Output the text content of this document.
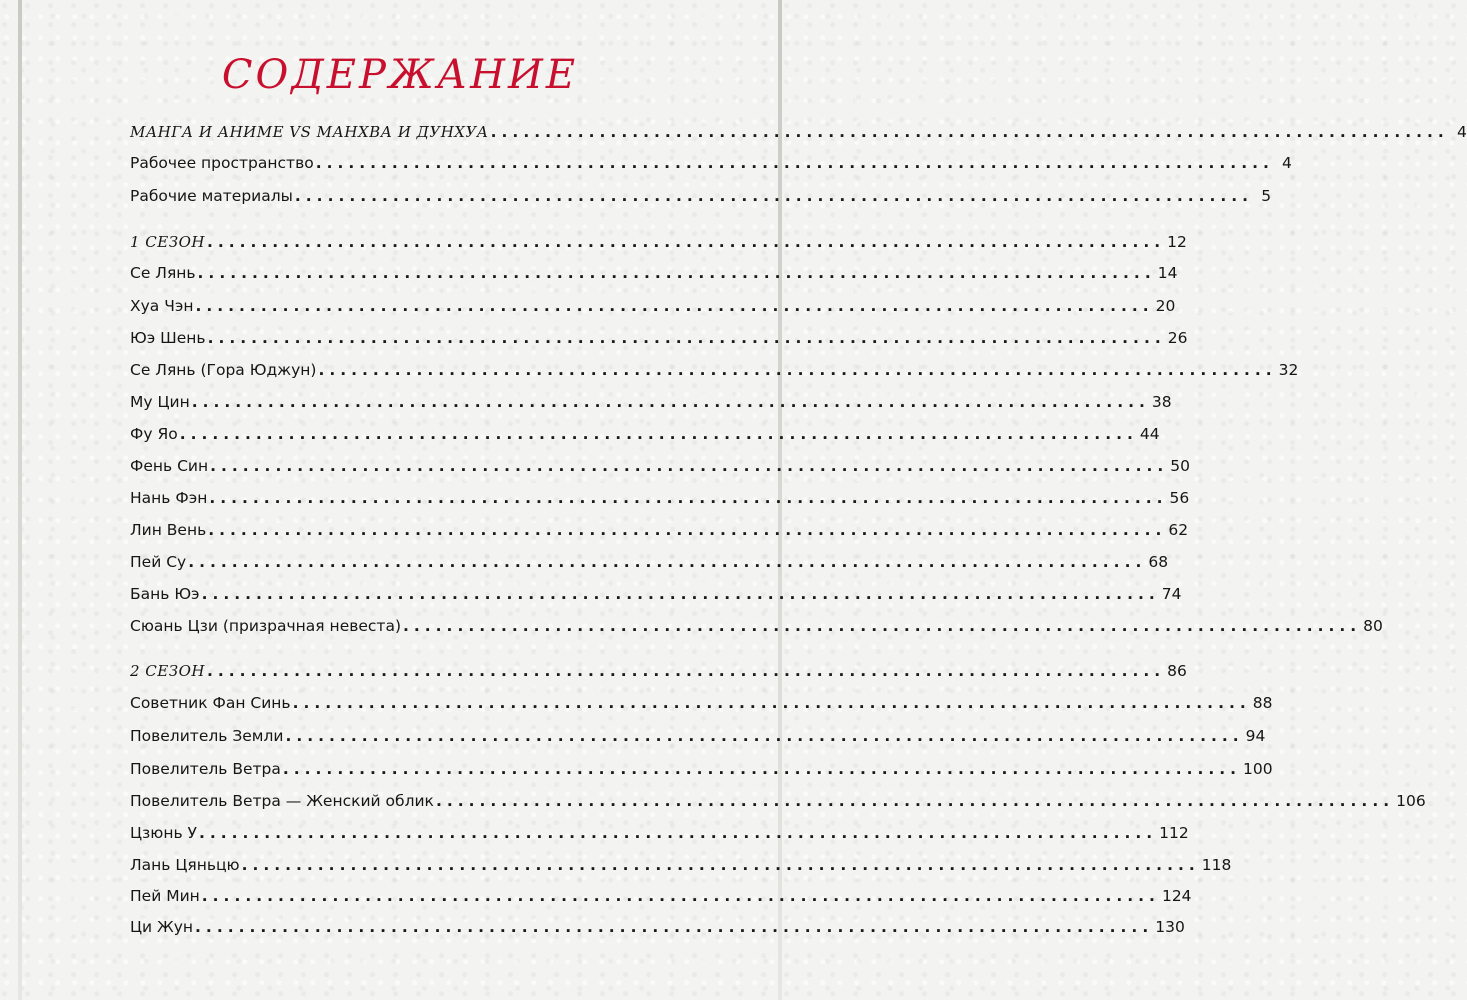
СОДЕРЖАНИЕ
МАНГА И АНИМЕ VS МАНХВА И ДУНХУА ........................................................................................ 4
Рабочее пространство ........................................................................................ 4
Рабочие материалы ........................................................................................ 5
1 СЕЗОН ........................................................................................ 12
Се Лянь ........................................................................................ 14
Хуа Чэн ........................................................................................ 20
Юэ Шень ........................................................................................ 26
Се Лянь (Гора Юджун) ........................................................................................ 32
Му Цин ........................................................................................ 38
Фу Яо ........................................................................................ 44
Фень Син ........................................................................................ 50
Нань Фэн ........................................................................................ 56
Лин Вень ........................................................................................ 62
Пей Су ........................................................................................ 68
Бань Юэ ........................................................................................ 74
Сюань Цзи (призрачная невеста) ........................................................................................ 80
2 СЕЗОН ........................................................................................ 86
Советник Фан Синь ........................................................................................ 88
Повелитель Земли ........................................................................................ 94
Повелитель Ветра ........................................................................................ 100
Повелитель Ветра — Женский облик ........................................................................................ 106
Цзюнь У ........................................................................................ 112
Лань Цяньцю ........................................................................................ 118
Пей Мин ........................................................................................ 124
Ци Жун ........................................................................................ 130
